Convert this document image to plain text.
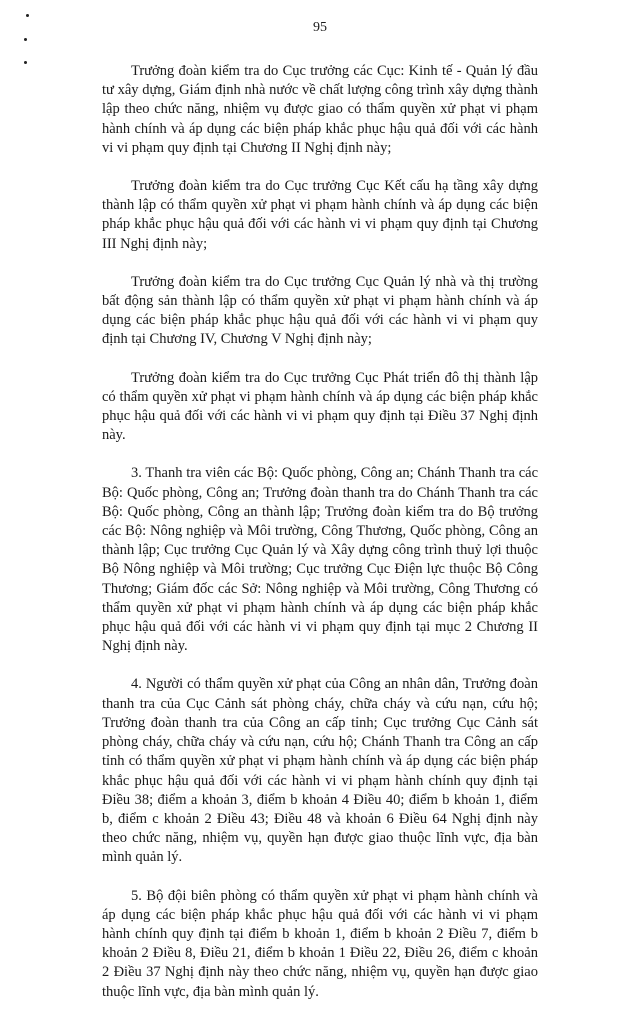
95

Trưởng đoàn kiểm tra do Cục trưởng các Cục: Kinh tế - Quản lý đầu tư xây dựng, Giám định nhà nước về chất lượng công trình xây dựng thành lập theo chức năng, nhiệm vụ được giao có thẩm quyền xử phạt vi phạm hành chính và áp dụng các biện pháp khắc phục hậu quả đối với các hành vi vi phạm quy định tại Chương II Nghị định này;

Trưởng đoàn kiểm tra do Cục trưởng Cục Kết cấu hạ tầng xây dựng thành lập có thẩm quyền xử phạt vi phạm hành chính và áp dụng các biện pháp khắc phục hậu quả đối với các hành vi vi phạm quy định tại Chương III Nghị định này;

Trưởng đoàn kiểm tra do Cục trưởng Cục Quản lý nhà và thị trường bất động sản thành lập có thẩm quyền xử phạt vi phạm hành chính và áp dụng các biện pháp khắc phục hậu quả đối với các hành vi vi phạm quy định tại Chương IV, Chương V Nghị định này;

Trưởng đoàn kiểm tra do Cục trưởng Cục Phát triển đô thị thành lập có thẩm quyền xử phạt vi phạm hành chính và áp dụng các biện pháp khắc phục hậu quả đối với các hành vi vi phạm quy định tại Điều 37 Nghị định này.

3. Thanh tra viên các Bộ: Quốc phòng, Công an; Chánh Thanh tra các Bộ: Quốc phòng, Công an; Trưởng đoàn thanh tra do Chánh Thanh tra các Bộ: Quốc phòng, Công an thành lập; Trưởng đoàn kiểm tra do Bộ trưởng các Bộ: Nông nghiệp và Môi trường, Công Thương, Quốc phòng, Công an thành lập; Cục trưởng Cục Quản lý và Xây dựng công trình thuỷ lợi thuộc Bộ Nông nghiệp và Môi trường; Cục trưởng Cục Điện lực thuộc Bộ Công Thương; Giám đốc các Sở: Nông nghiệp và Môi trường, Công Thương có thẩm quyền xử phạt vi phạm hành chính và áp dụng các biện pháp khắc phục hậu quả đối với các hành vi vi phạm quy định tại mục 2 Chương II Nghị định này.

4. Người có thẩm quyền xử phạt của Công an nhân dân, Trưởng đoàn thanh tra của Cục Cảnh sát phòng cháy, chữa cháy và cứu nạn, cứu hộ; Trưởng đoàn thanh tra của Công an cấp tỉnh; Cục trưởng Cục Cảnh sát phòng cháy, chữa cháy và cứu nạn, cứu hộ; Chánh Thanh tra Công an cấp tỉnh có thẩm quyền xử phạt vi phạm hành chính và áp dụng các biện pháp khắc phục hậu quả đối với các hành vi vi phạm hành chính quy định tại Điều 38; điểm a khoản 3, điểm b khoản 4 Điều 40; điểm b khoản 1, điểm b, điểm c khoản 2 Điều 43; Điều 48 và khoản 6 Điều 64 Nghị định này theo chức năng, nhiệm vụ, quyền hạn được giao thuộc lĩnh vực, địa bàn mình quản lý.

5. Bộ đội biên phòng có thẩm quyền xử phạt vi phạm hành chính và áp dụng các biện pháp khắc phục hậu quả đối với các hành vi vi phạm hành chính quy định tại điểm b khoản 1, điểm b khoản 2 Điều 7, điểm b khoản 2 Điều 8, Điều 21, điểm b khoản 1 Điều 22, Điều 26, điểm c khoản 2 Điều 37 Nghị định này theo chức năng, nhiệm vụ, quyền hạn được giao thuộc lĩnh vực, địa bàn mình quản lý.
